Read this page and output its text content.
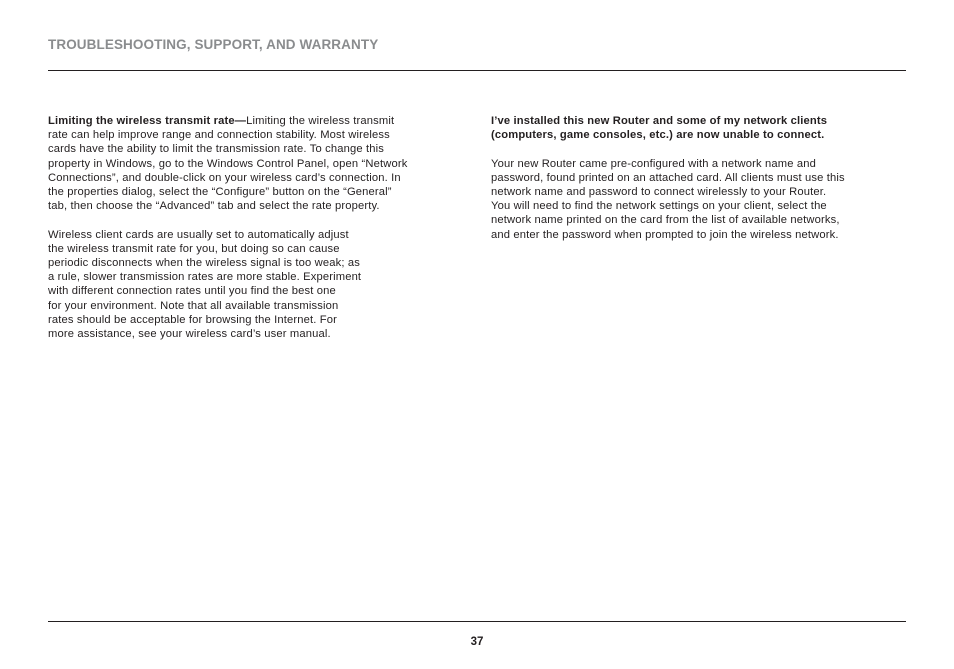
TROUBLESHOOTING, SUPPORT, AND WARRANTY

Limiting the wireless transmit rate—Limiting the wireless transmit
rate can help improve range and connection stability. Most wireless
cards have the ability to limit the transmission rate. To change this
property in Windows, go to the Windows Control Panel, open “Network
Connections”, and double-click on your wireless card’s connection. In
the properties dialog, select the “Configure” button on the “General”
tab, then choose the “Advanced” tab and select the rate property.

Wireless client cards are usually set to automatically adjust
the wireless transmit rate for you, but doing so can cause
periodic disconnects when the wireless signal is too weak; as
a rule, slower transmission rates are more stable. Experiment
with different connection rates until you find the best one
for your environment. Note that all available transmission
rates should be acceptable for browsing the Internet. For
more assistance, see your wireless card’s user manual.

I’ve installed this new Router and some of my network clients
(computers, game consoles, etc.) are now unable to connect.

Your new Router came pre-configured with a network name and
password, found printed on an attached card. All clients must use this
network name and password to connect wirelessly to your Router.
You will need to find the network settings on your client, select the
network name printed on the card from the list of available networks,
and enter the password when prompted to join the wireless network.

37
